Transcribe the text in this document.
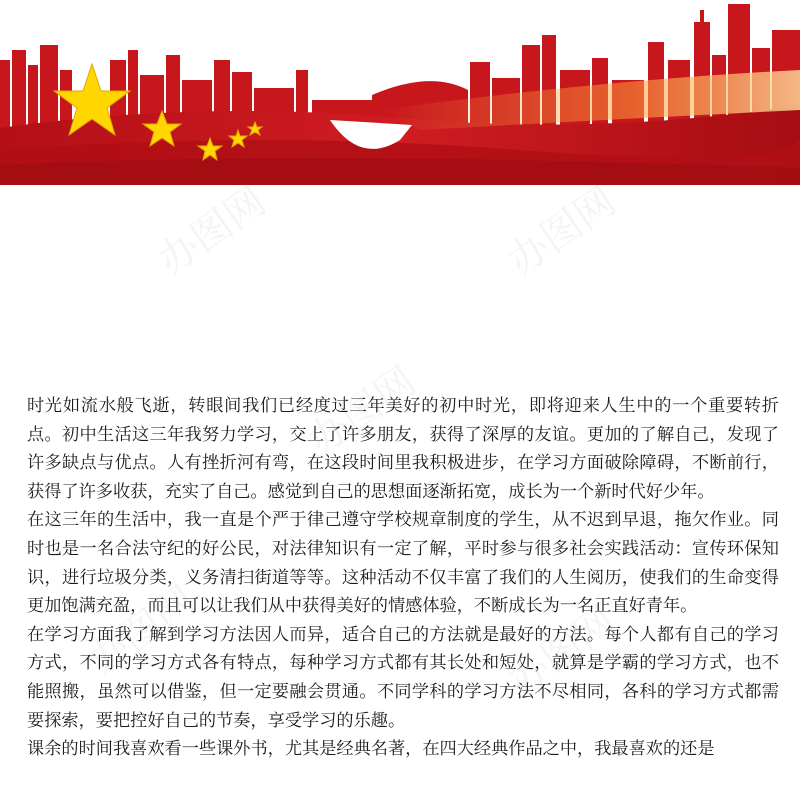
办图网	办图网
办图网
办图网	办图网

时光如流水般飞逝，转眼间我们已经度过三年美好的初中时光，即将迎来人生中的一个重要转折点。初中生活这三年我努力学习，交上了许多朋友，获得了深厚的友谊。更加的了解自己，发现了许多缺点与优点。人有挫折河有弯，在这段时间里我积极进步，在学习方面破除障碍，不断前行，获得了许多收获，充实了自己。感觉到自己的思想面逐渐拓宽，成长为一个新时代好少年。

在这三年的生活中，我一直是个严于律己遵守学校规章制度的学生，从不迟到早退，拖欠作业。同时也是一名合法守纪的好公民，对法律知识有一定了解，平时参与很多社会实践活动：宣传环保知识，进行垃圾分类，义务清扫街道等等。这种活动不仅丰富了我们的人生阅历，使我们的生命变得更加饱满充盈，而且可以让我们从中获得美好的情感体验，不断成长为一名正直好青年。

在学习方面我了解到学习方法因人而异，适合自己的方法就是最好的方法。每个人都有自己的学习方式，不同的学习方式各有特点，每种学习方式都有其长处和短处，就算是学霸的学习方式，也不能照搬，虽然可以借鉴，但一定要融会贯通。不同学科的学习方法不尽相同，各科的学习方式都需要探索，要把控好自己的节奏，享受学习的乐趣。

课余的时间我喜欢看一些课外书，尤其是经典名著，在四大经典作品之中，我最喜欢的还是
